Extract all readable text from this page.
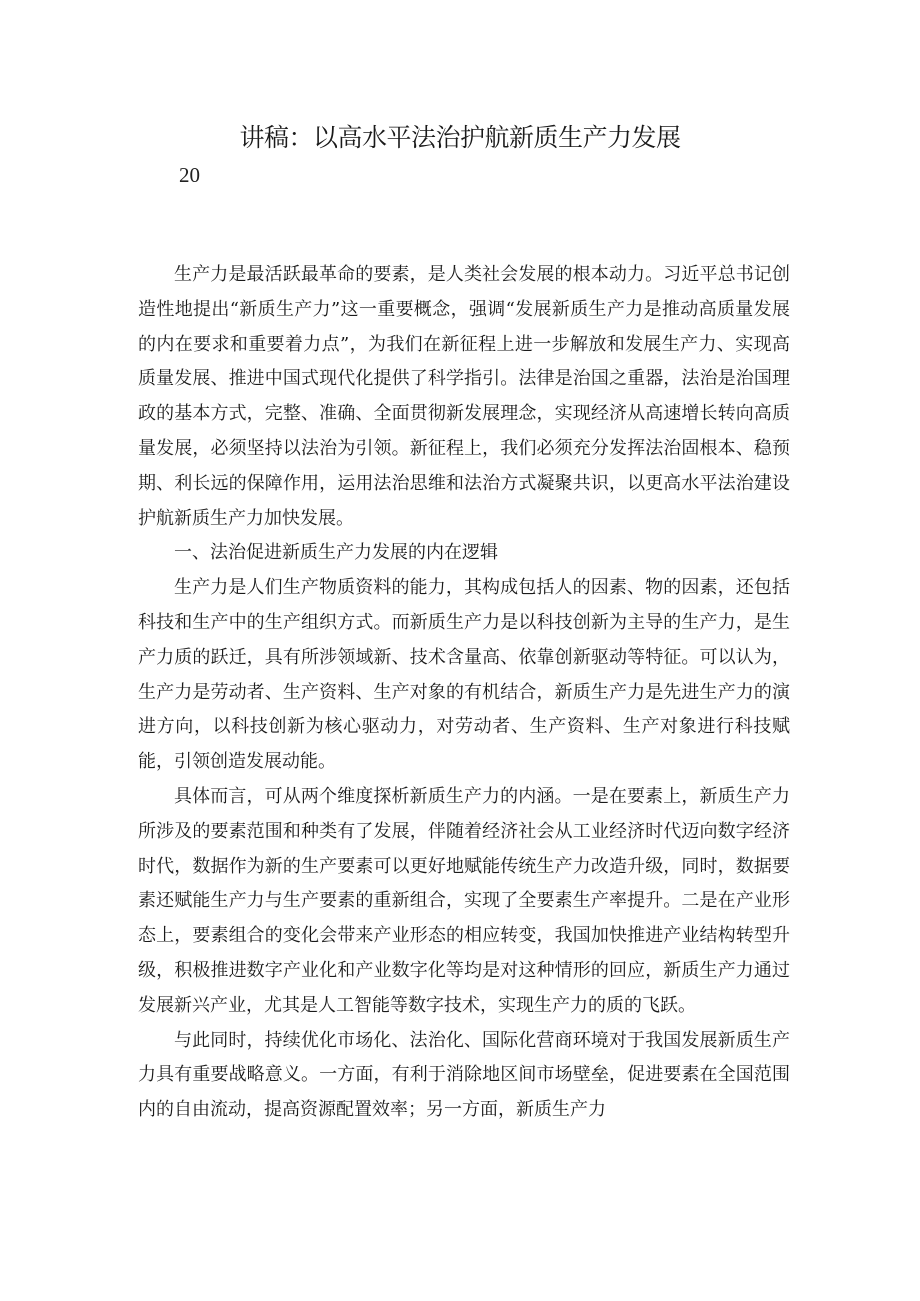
讲稿：以高水平法治护航新质生产力发展
20

生产力是最活跃最革命的要素，是人类社会发展的根本动力。习近平总书记创造性地提出“新质生产力”这一重要概念，强调“发展新质生产力是推动高质量发展的内在要求和重要着力点”，为我们在新征程上进一步解放和发展生产力、实现高质量发展、推进中国式现代化提供了科学指引。法律是治国之重器，法治是治国理政的基本方式，完整、准确、全面贯彻新发展理念，实现经济从高速增长转向高质量发展，必须坚持以法治为引领。新征程上，我们必须充分发挥法治固根本、稳预期、利长远的保障作用，运用法治思维和法治方式凝聚共识，以更高水平法治建设护航新质生产力加快发展。

一、法治促进新质生产力发展的内在逻辑

生产力是人们生产物质资料的能力，其构成包括人的因素、物的因素，还包括科技和生产中的生产组织方式。而新质生产力是以科技创新为主导的生产力，是生产力质的跃迁，具有所涉领域新、技术含量高、依靠创新驱动等特征。可以认为，生产力是劳动者、生产资料、生产对象的有机结合，新质生产力是先进生产力的演进方向，以科技创新为核心驱动力，对劳动者、生产资料、生产对象进行科技赋能，引领创造发展动能。

具体而言，可从两个维度探析新质生产力的内涵。一是在要素上，新质生产力所涉及的要素范围和种类有了发展，伴随着经济社会从工业经济时代迈向数字经济时代，数据作为新的生产要素可以更好地赋能传统生产力改造升级，同时，数据要素还赋能生产力与生产要素的重新组合，实现了全要素生产率提升。二是在产业形态上，要素组合的变化会带来产业形态的相应转变，我国加快推进产业结构转型升级，积极推进数字产业化和产业数字化等均是对这种情形的回应，新质生产力通过发展新兴产业，尤其是人工智能等数字技术，实现生产力的质的飞跃。

与此同时，持续优化市场化、法治化、国际化营商环境对于我国发展新质生产力具有重要战略意义。一方面，有利于消除地区间市场壁垒，促进要素在全国范围内的自由流动，提高资源配置效率；另一方面，新质生产力
